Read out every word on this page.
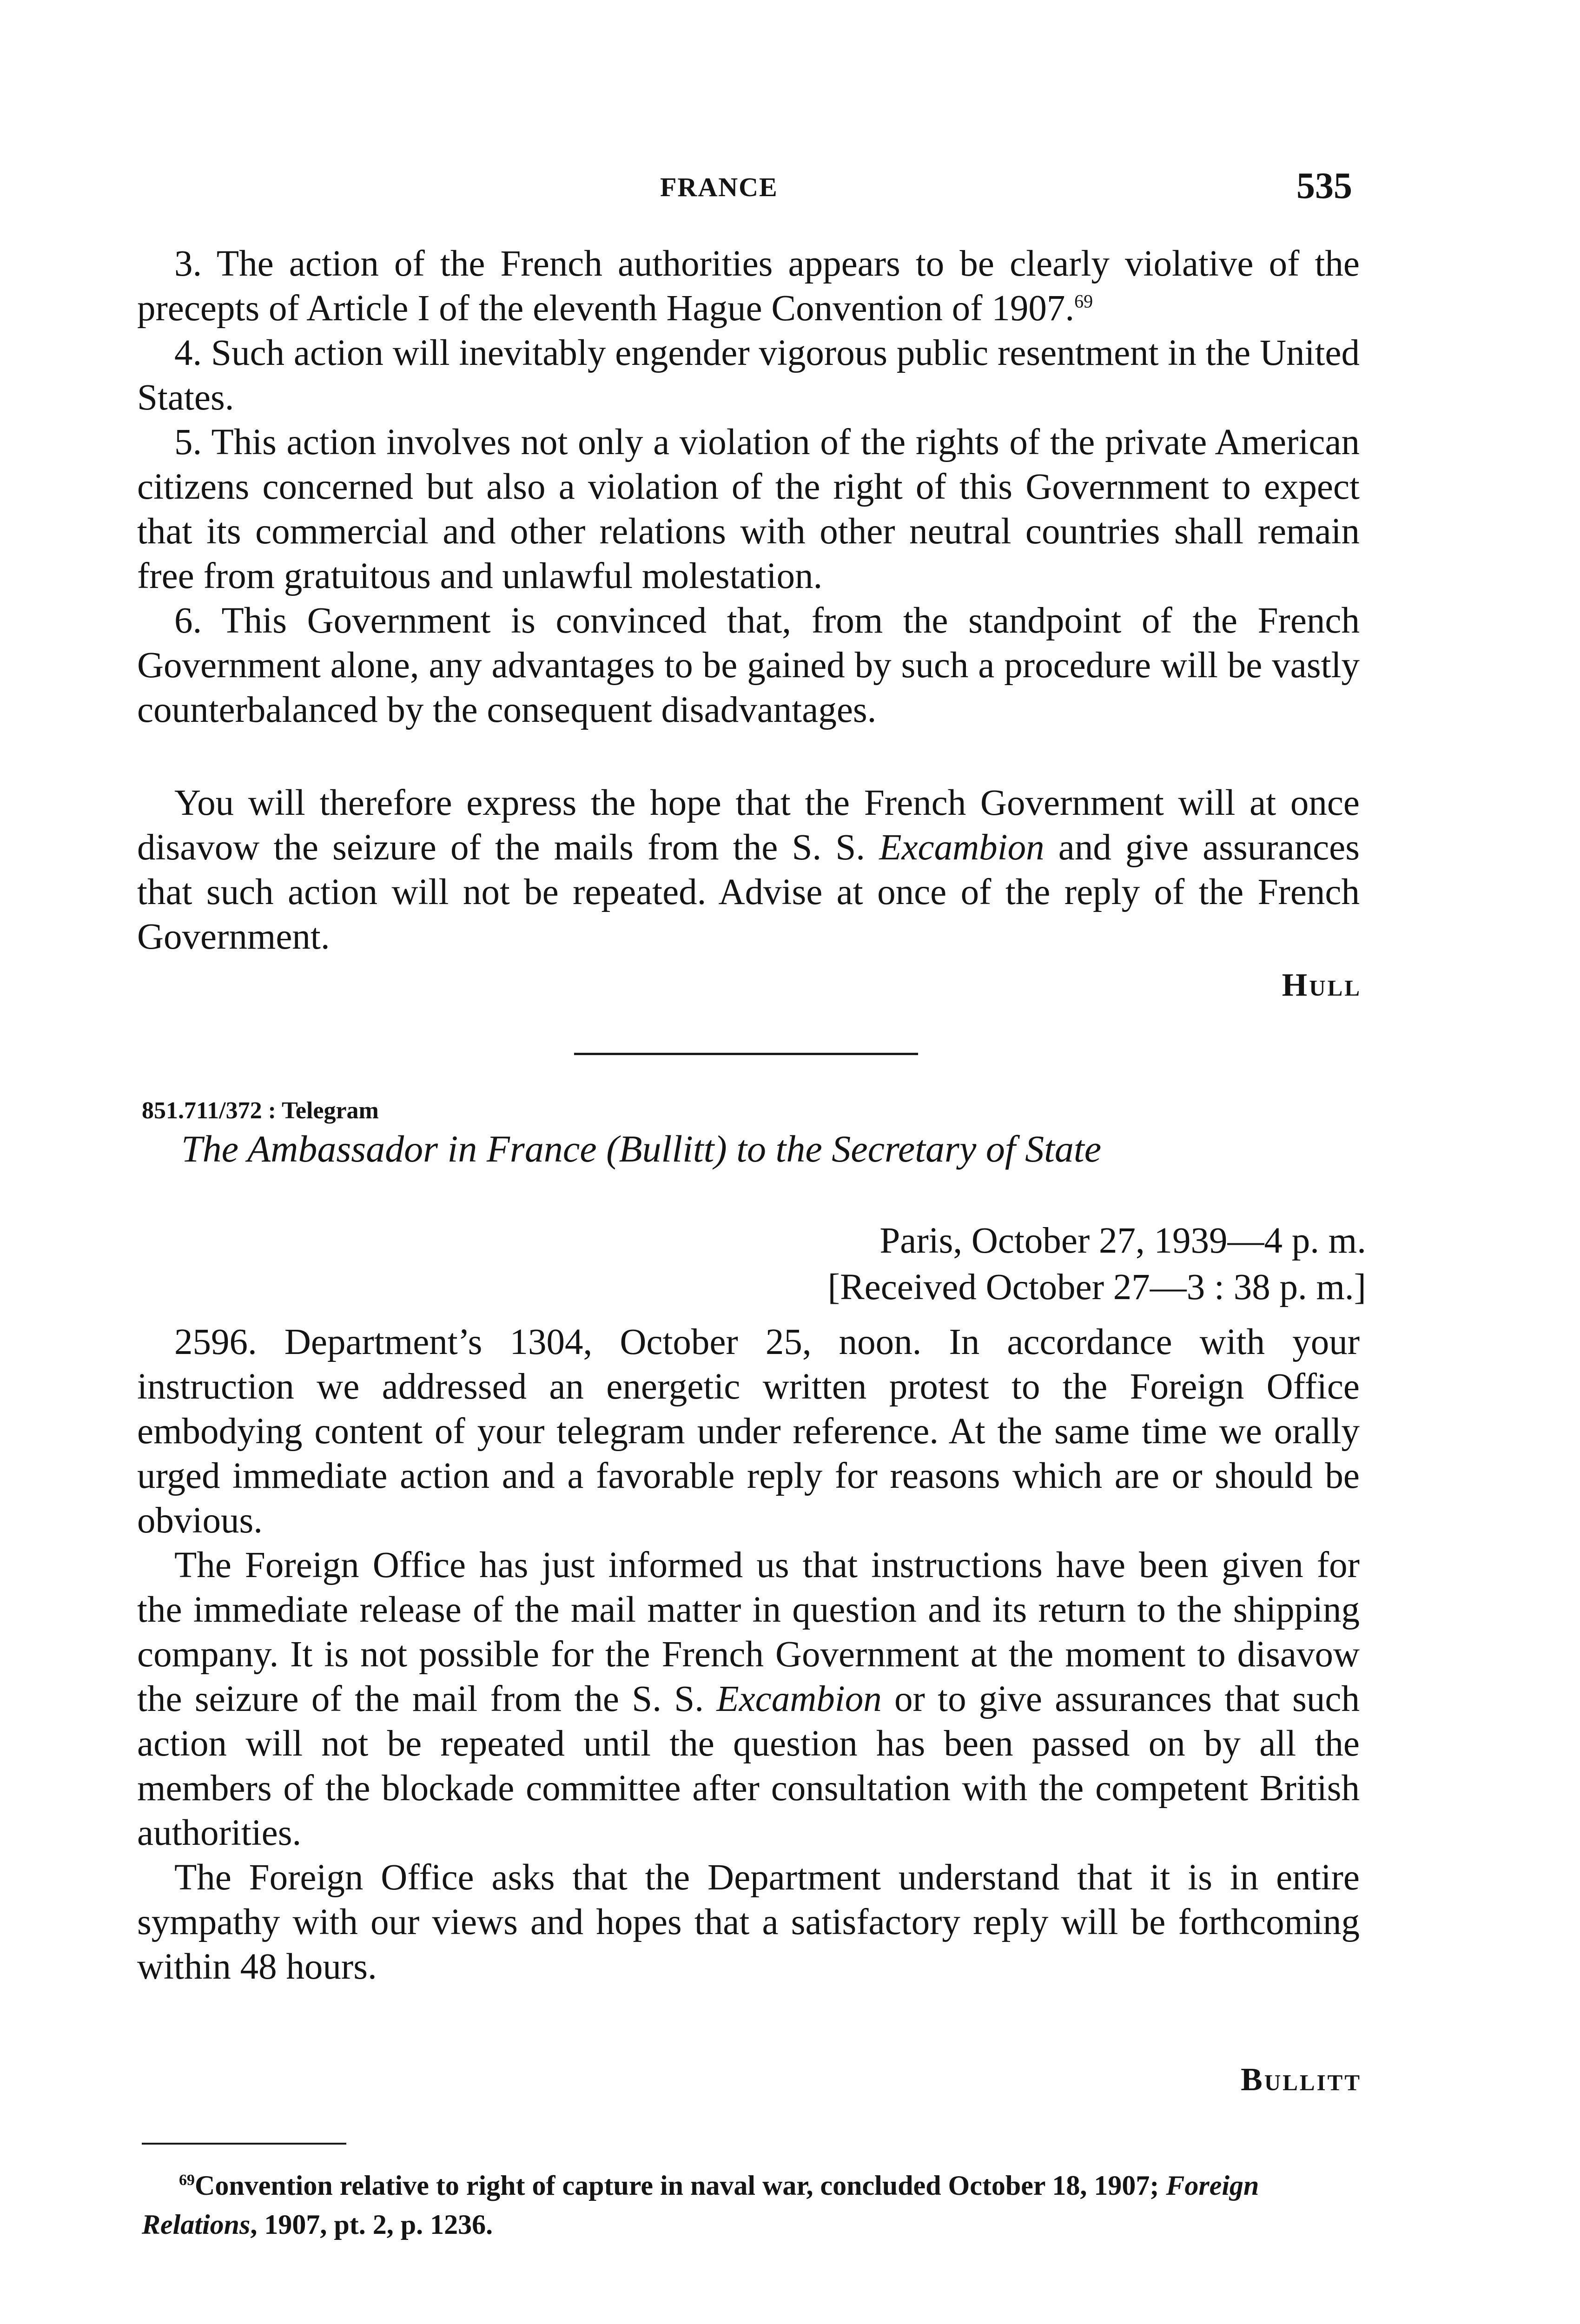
FRANCE	535

3. The action of the French authorities appears to be clearly violative of the precepts of Article I of the eleventh Hague Convention of 1907.69

4. Such action will inevitably engender vigorous public resentment in the United States.

5. This action involves not only a violation of the rights of the private American citizens concerned but also a violation of the right of this Government to expect that its commercial and other relations with other neutral countries shall remain free from gratuitous and unlawful molestation.

6. This Government is convinced that, from the standpoint of the French Government alone, any advantages to be gained by such a procedure will be vastly counterbalanced by the consequent disadvantages.

You will therefore express the hope that the French Government will at once disavow the seizure of the mails from the S. S. Excambion and give assurances that such action will not be repeated. Advise at once of the reply of the French Government.

Hull
851.711/372 : Telegram
The Ambassador in France (Bullitt) to the Secretary of State
Paris, October 27, 1939—4 p. m.
[Received October 27—3 : 38 p. m.]

2596. Department’s 1304, October 25, noon. In accordance with your instruction we addressed an energetic written protest to the Foreign Office embodying content of your telegram under reference. At the same time we orally urged immediate action and a favorable reply for reasons which are or should be obvious.

The Foreign Office has just informed us that instructions have been given for the immediate release of the mail matter in question and its return to the shipping company. It is not possible for the French Government at the moment to disavow the seizure of the mail from the S. S. Excambion or to give assurances that such action will not be repeated until the question has been passed on by all the members of the blockade committee after consultation with the competent British authorities.

The Foreign Office asks that the Department understand that it is in entire sympathy with our views and hopes that a satisfactory reply will be forthcoming within 48 hours.

Bullitt

$^{69}$Convention relative to right of capture in naval war, concluded October 18, 1907; Foreign Relations, 1907, pt. 2, p. 1236.
